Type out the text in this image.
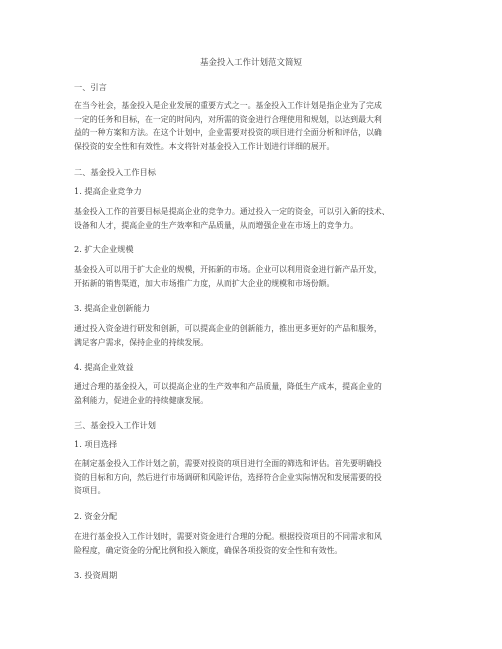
基金投入工作计划范文简短
一、引言
在当今社会，基金投入是企业发展的重要方式之一。基金投入工作计划是指企业为了完成
一定的任务和目标，在一定的时间内，对所需的资金进行合理使用和规划，以达到最大利
益的一种方案和方法。在这个计划中，企业需要对投资的项目进行全面分析和评估，以确
保投资的安全性和有效性。本文将针对基金投入工作计划进行详细的展开。
二、基金投入工作目标
1. 提高企业竞争力
基金投入工作的首要目标是提高企业的竞争力。通过投入一定的资金，可以引入新的技术、
设备和人才，提高企业的生产效率和产品质量，从而增强企业在市场上的竞争力。
2. 扩大企业规模
基金投入可以用于扩大企业的规模，开拓新的市场。企业可以利用资金进行新产品开发，
开拓新的销售渠道，加大市场推广力度，从而扩大企业的规模和市场份额。
3. 提高企业创新能力
通过投入资金进行研发和创新，可以提高企业的创新能力，推出更多更好的产品和服务，
满足客户需求，保持企业的持续发展。
4. 提高企业效益
通过合理的基金投入，可以提高企业的生产效率和产品质量，降低生产成本，提高企业的
盈利能力，促进企业的持续健康发展。
三、基金投入工作计划
1. 项目选择
在制定基金投入工作计划之前，需要对投资的项目进行全面的筛选和评估。首先要明确投
资的目标和方向，然后进行市场调研和风险评估，选择符合企业实际情况和发展需要的投
资项目。
2. 资金分配
在进行基金投入工作计划时，需要对资金进行合理的分配。根据投资项目的不同需求和风
险程度，确定资金的分配比例和投入额度，确保各项投资的安全性和有效性。
3. 投资周期
